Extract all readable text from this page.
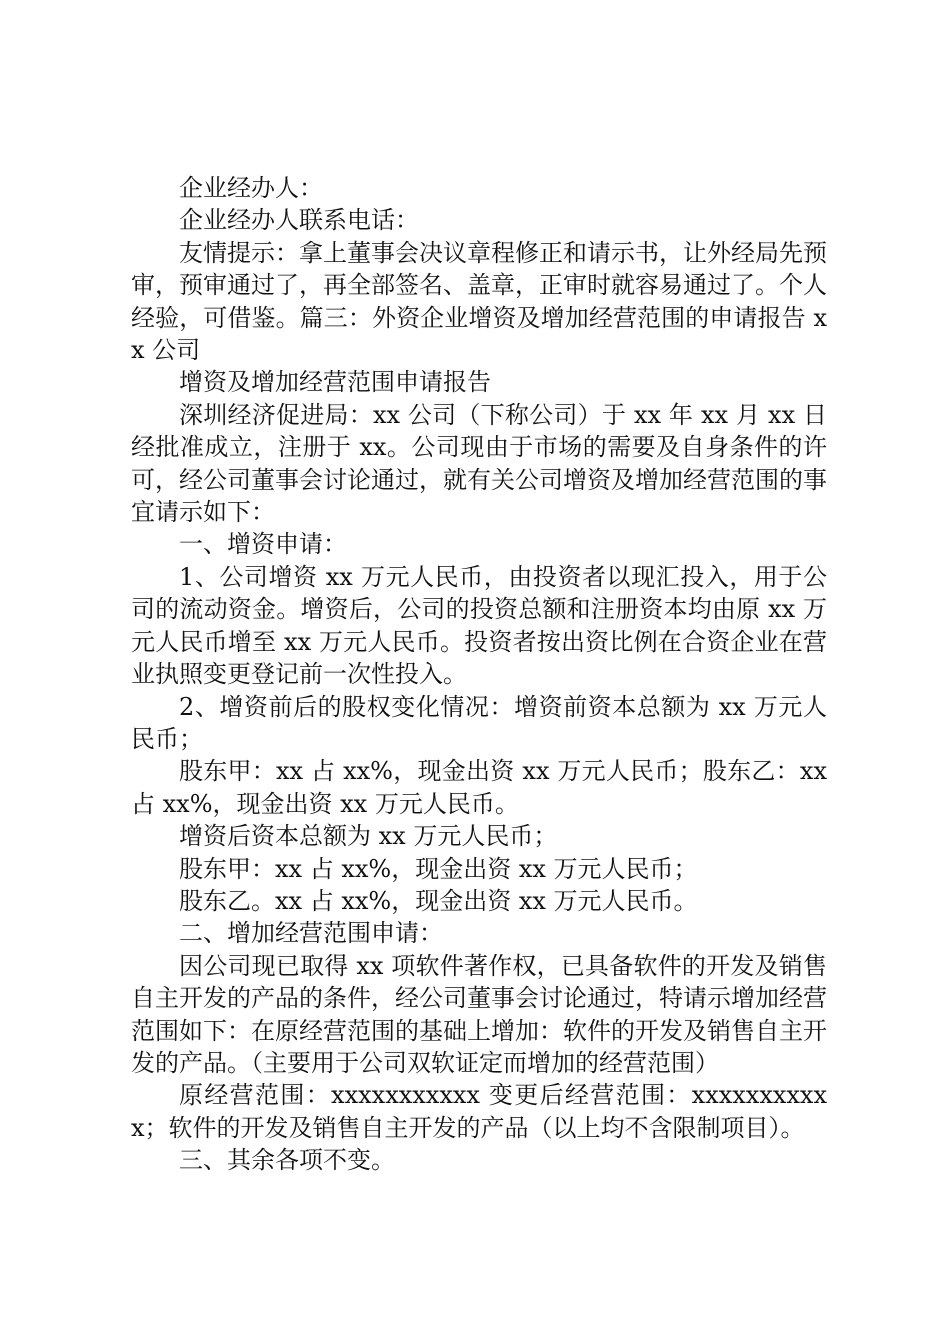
企业经办人：

企业经办人联系电话：

友情提示：拿上董事会决议章程修正和请示书，让外经局先预审，预审通过了，再全部签名、盖章，正审时就容易通过了。个人经验，可借鉴。篇三：外资企业增资及增加经营范围的申请报告 xx 公司

增资及增加经营范围申请报告

深圳经济促进局：xx 公司（下称公司）于 xx 年 xx 月 xx 日经批准成立，注册于 xx。公司现由于市场的需要及自身条件的许可，经公司董事会讨论通过，就有关公司增资及增加经营范围的事宜请示如下：

一、增资申请：

1、公司增资 xx 万元人民币，由投资者以现汇投入，用于公司的流动资金。增资后，公司的投资总额和注册资本均由原 xx 万元人民币增至 xx 万元人民币。投资者按出资比例在合资企业在营业执照变更登记前一次性投入。

2、增资前后的股权变化情况：增资前资本总额为 xx 万元人民币；

股东甲：xx 占 xx%，现金出资 xx 万元人民币；股东乙：xx 占 xx%，现金出资 xx 万元人民币。

增资后资本总额为 xx 万元人民币；

股东甲：xx 占 xx%，现金出资 xx 万元人民币；

股东乙。xx 占 xx%，现金出资 xx 万元人民币。

二、增加经营范围申请：

因公司现已取得 xx 项软件著作权，已具备软件的开发及销售自主开发的产品的条件，经公司董事会讨论通过，特请示增加经营范围如下：在原经营范围的基础上增加：软件的开发及销售自主开发的产品。（主要用于公司双软证定而增加的经营范围）

原经营范围：xxxxxxxxxxx 变更后经营范围：xxxxxxxxxxx；软件的开发及销售自主开发的产品（以上均不含限制项目）。

三、其余各项不变。
